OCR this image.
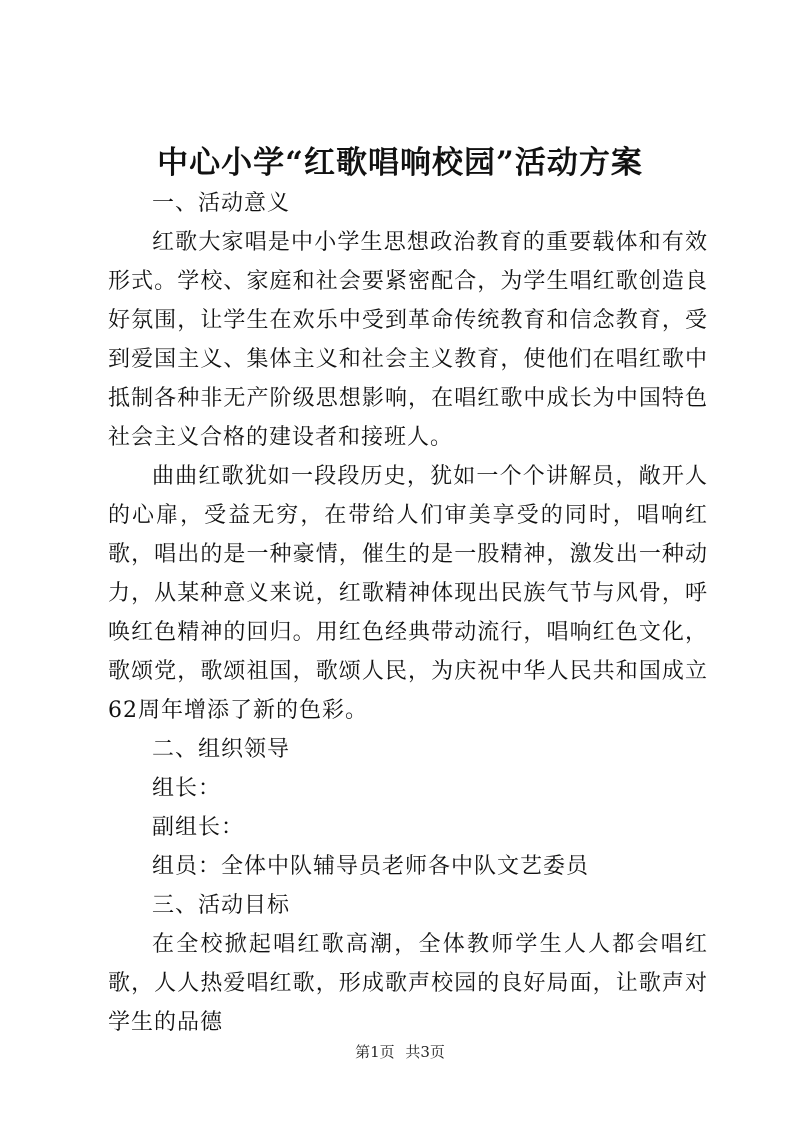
中心小学“红歌唱响校园”活动方案

一、活动意义

红歌大家唱是中小学生思想政治教育的重要载体和有效形式。学校、家庭和社会要紧密配合，为学生唱红歌创造良好氛围，让学生在欢乐中受到革命传统教育和信念教育，受到爱国主义、集体主义和社会主义教育，使他们在唱红歌中抵制各种非无产阶级思想影响，在唱红歌中成长为中国特色社会主义合格的建设者和接班人。

曲曲红歌犹如一段段历史，犹如一个个讲解员，敞开人的心扉，受益无穷，在带给人们审美享受的同时，唱响红歌，唱出的是一种豪情，催生的是一股精神，激发出一种动力，从某种意义来说，红歌精神体现出民族气节与风骨，呼唤红色精神的回归。用红色经典带动流行，唱响红色文化，歌颂党，歌颂祖国，歌颂人民，为庆祝中华人民共和国成立62周年增添了新的色彩。

二、组织领导

组长：

副组长：

组员：全体中队辅导员老师各中队文艺委员

三、活动目标

在全校掀起唱红歌高潮，全体教师学生人人都会唱红歌，人人热爱唱红歌，形成歌声校园的良好局面，让歌声对学生的品德

第1页 共3页
